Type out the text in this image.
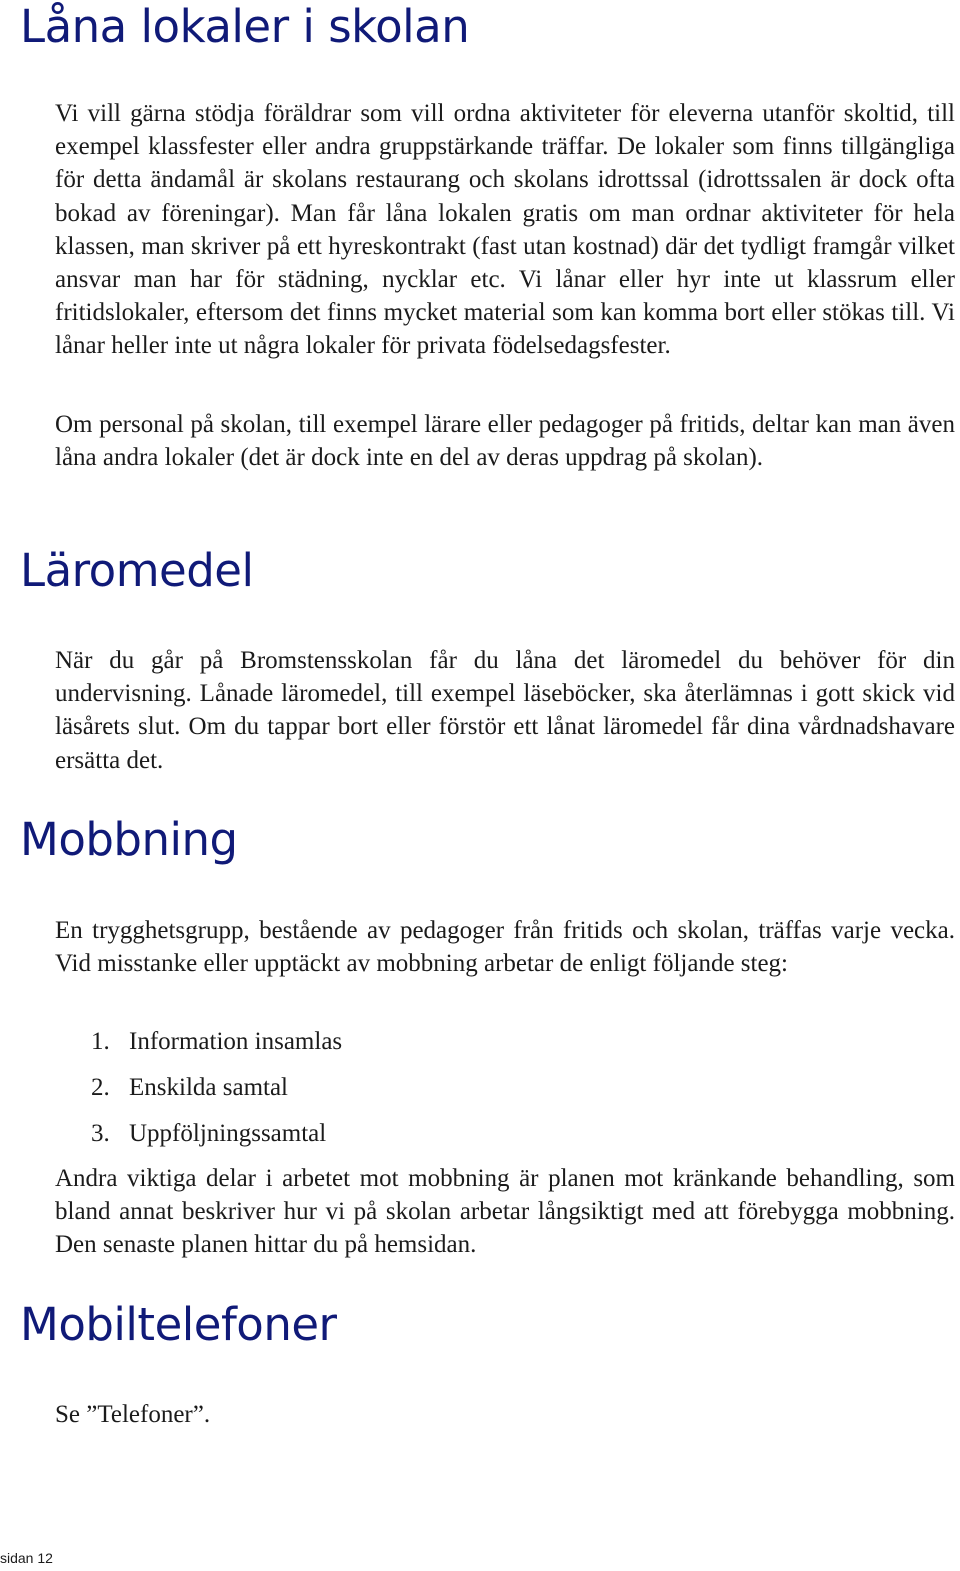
Låna lokaler i skolan

Vi vill gärna stödja föräldrar som vill ordna aktiviteter för eleverna utanför skoltid, till exempel klassfester eller andra gruppstärkande träffar. De lokaler som finns tillgängliga för detta ändamål är skolans restaurang och skolans idrottssal (idrottssalen är dock ofta bokad av föreningar). Man får låna lokalen gratis om man ordnar aktiviteter för hela klassen, man skriver på ett hyreskontrakt (fast utan kostnad) där det tydligt framgår vilket ansvar man har för städning, nycklar etc. Vi lånar eller hyr inte ut klassrum eller fritidslokaler, eftersom det finns mycket material som kan komma bort eller stökas till. Vi lånar heller inte ut några lokaler för privata födelsedagsfester.

Om personal på skolan, till exempel lärare eller pedagoger på fritids, deltar kan man även låna andra lokaler (det är dock inte en del av deras uppdrag på skolan).

Läromedel

När du går på Bromstensskolan får du låna det läromedel du behöver för din undervisning. Lånade läromedel, till exempel läseböcker, ska återlämnas i gott skick vid läsårets slut. Om du tappar bort eller förstör ett lånat läromedel får dina vårdnadshavare ersätta det.

Mobbning

En trygghetsgrupp, bestående av pedagoger från fritids och skolan, träffas varje vecka. Vid misstanke eller upptäckt av mobbning arbetar de enligt följande steg:

1. Information insamlas
2. Enskilda samtal
3. Uppföljningssamtal

Andra viktiga delar i arbetet mot mobbning är planen mot kränkande behandling, som bland annat beskriver hur vi på skolan arbetar långsiktigt med att förebygga mobbning. Den senaste planen hittar du på hemsidan.

Mobiltelefoner

Se ”Telefoner”.

sidan 12
